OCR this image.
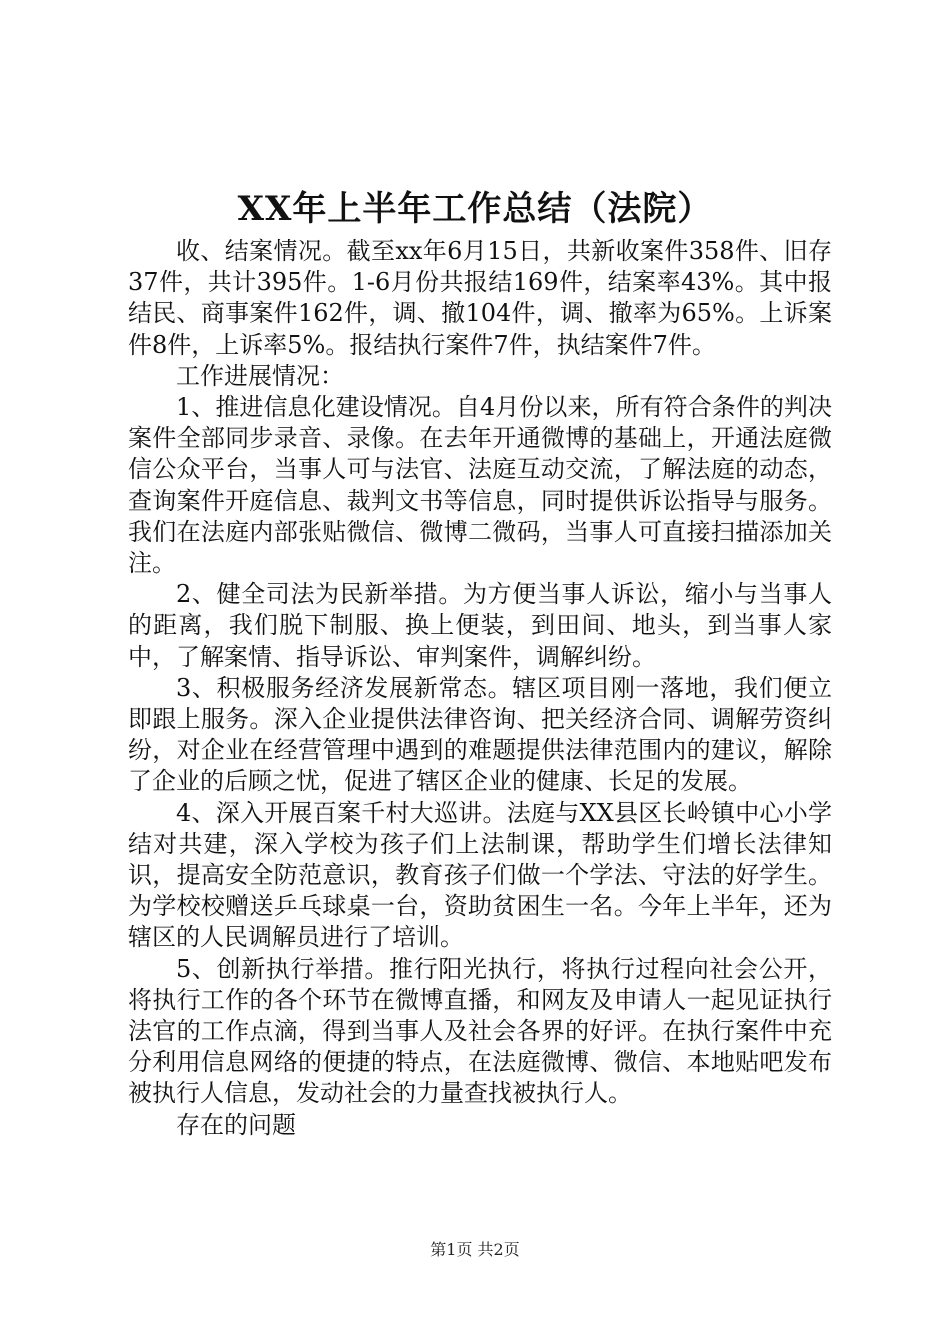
XX年上半年工作总结（法院）

收、结案情况。截至xx年6月15日，共新收案件358件、旧存37件，共计395件。1-6月份共报结169件，结案率43%。其中报结民、商事案件162件，调、撤104件，调、撤率为65%。上诉案件8件，上诉率5%。报结执行案件7件，执结案件7件。

工作进展情况：

1、推进信息化建设情况。自4月份以来，所有符合条件的判决案件全部同步录音、录像。在去年开通微博的基础上，开通法庭微信公众平台，当事人可与法官、法庭互动交流，了解法庭的动态，查询案件开庭信息、裁判文书等信息，同时提供诉讼指导与服务。我们在法庭内部张贴微信、微博二微码，当事人可直接扫描添加关注。

2、健全司法为民新举措。为方便当事人诉讼，缩小与当事人的距离，我们脱下制服、换上便装，到田间、地头，到当事人家中，了解案情、指导诉讼、审判案件，调解纠纷。

3、积极服务经济发展新常态。辖区项目刚一落地，我们便立即跟上服务。深入企业提供法律咨询、把关经济合同、调解劳资纠纷，对企业在经营管理中遇到的难题提供法律范围内的建议，解除了企业的后顾之忧，促进了辖区企业的健康、长足的发展。

4、深入开展百案千村大巡讲。法庭与XX县区长岭镇中心小学结对共建，深入学校为孩子们上法制课，帮助学生们增长法律知识，提高安全防范意识，教育孩子们做一个学法、守法的好学生。为学校校赠送乒乓球桌一台，资助贫困生一名。今年上半年，还为辖区的人民调解员进行了培训。

5、创新执行举措。推行阳光执行，将执行过程向社会公开，将执行工作的各个环节在微博直播，和网友及申请人一起见证执行法官的工作点滴，得到当事人及社会各界的好评。在执行案件中充分利用信息网络的便捷的特点，在法庭微博、微信、本地贴吧发布被执行人信息，发动社会的力量查找被执行人。

存在的问题

第1页 共2页
